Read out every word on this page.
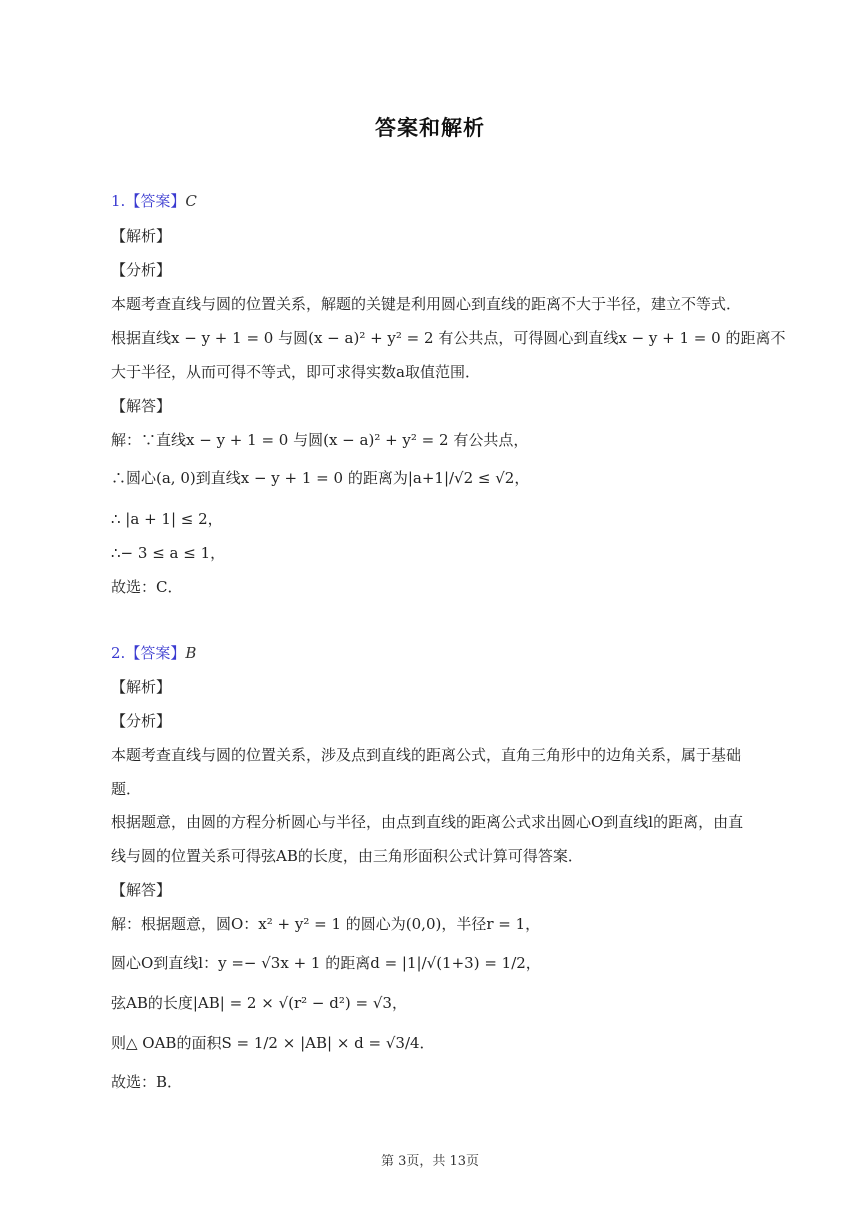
答案和解析
1.【答案】C
【解析】
【分析】
本题考查直线与圆的位置关系，解题的关键是利用圆心到直线的距离不大于半径，建立不等式．
根据直线x − y + 1 = 0 与圆(x − a)² + y² = 2 有公共点，可得圆心到直线x − y + 1 = 0 的距离不
大于半径，从而可得不等式，即可求得实数a取值范围．
【解答】
解：∵直线x − y + 1 = 0 与圆(x − a)² + y² = 2 有公共点，
∴圆心(a, 0)到直线x − y + 1 = 0 的距离为|a+1|/√2 ≤ √2，
∴ |a + 1| ≤ 2，
∴− 3 ≤ a ≤ 1，
故选：C．
2.【答案】B
【解析】
【分析】
本题考查直线与圆的位置关系，涉及点到直线的距离公式，直角三角形中的边角关系，属于基础
题．
根据题意，由圆的方程分析圆心与半径，由点到直线的距离公式求出圆心O到直线l的距离，由直
线与圆的位置关系可得弦AB的长度，由三角形面积公式计算可得答案．
【解答】
解：根据题意，圆O：x² + y² = 1 的圆心为(0,0)，半径r = 1，
圆心O到直线l：y =− √3x + 1 的距离d = |1|/√(1+3) = 1/2，
弦AB的长度|AB| = 2 × √(r² − d²) = √3，
则△ OAB的面积S = 1/2 × |AB| × d = √3/4．
故选：B．
第 3页，共 13页
